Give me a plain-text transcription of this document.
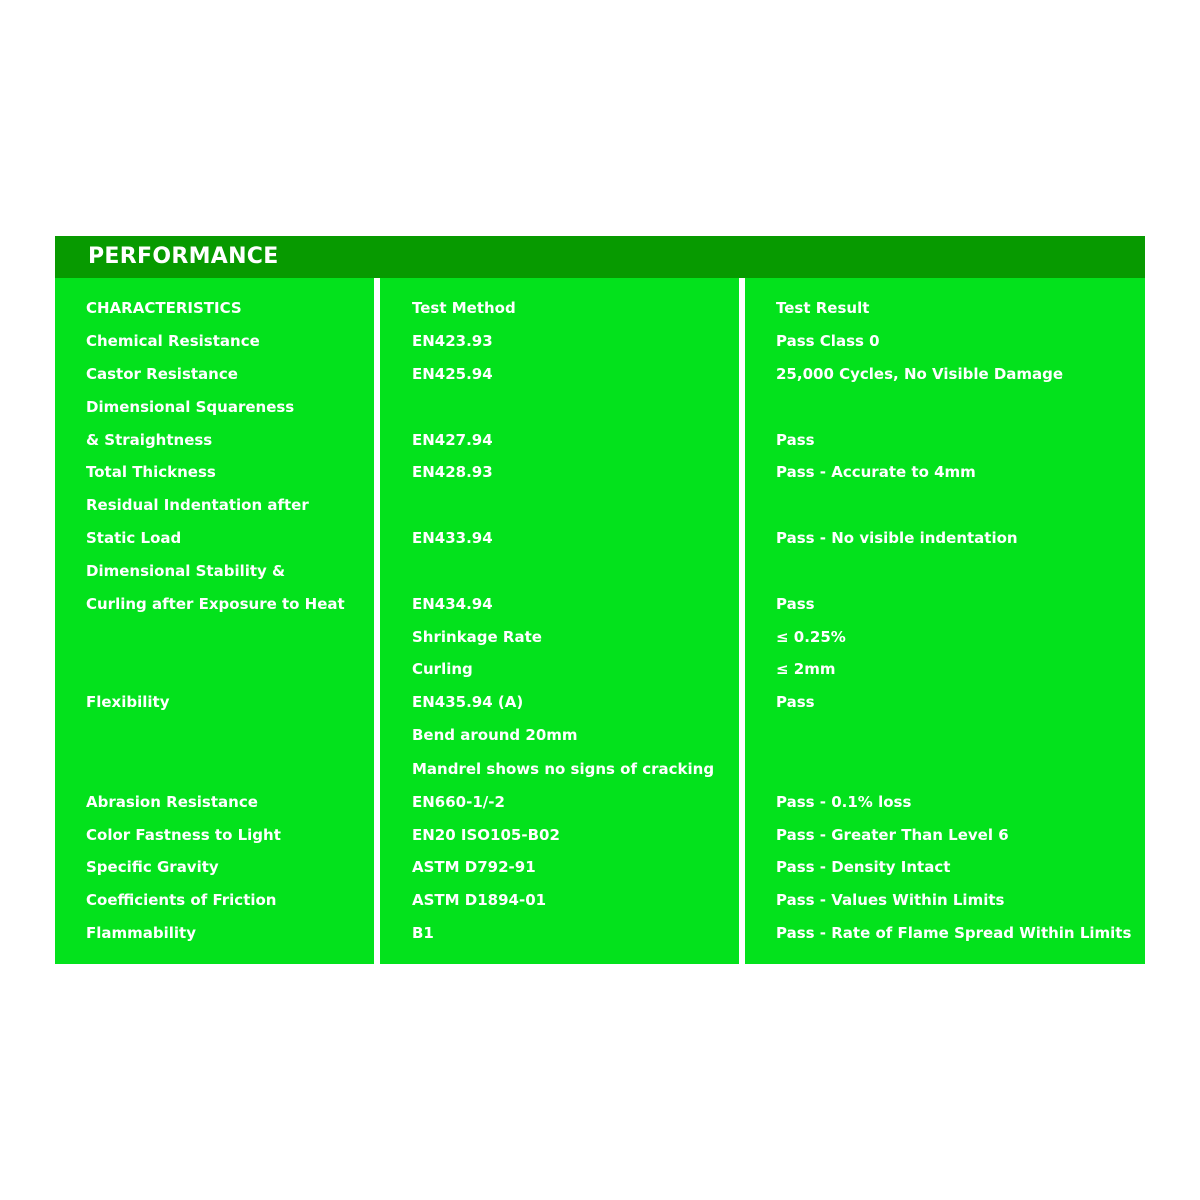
PERFORMANCE
CHARACTERISTICS
Chemical Resistance
Castor Resistance
Dimensional Squareness
& Straightness
Total Thickness
Residual Indentation after
Static Load
Dimensional Stability &
Curling after Exposure to Heat
Flexibility
Abrasion Resistance
Color Fastness to Light
Specific Gravity
Coefficients of Friction
Flammability
Test Method
EN423.93
EN425.94
EN427.94
EN428.93
EN433.94
EN434.94
Shrinkage Rate
Curling
EN435.94 (A)
Bend around 20mm
Mandrel shows no signs of cracking
EN660-1/-2
EN20 ISO105-B02
ASTM D792-91
ASTM D1894-01
B1
Test Result
Pass Class 0
25,000 Cycles, No Visible Damage
Pass
Pass - Accurate to 4mm
Pass - No visible indentation
Pass
≤ 0.25%
≤ 2mm
Pass
Pass - 0.1% loss
Pass - Greater Than Level 6
Pass - Density Intact
Pass - Values Within Limits
Pass - Rate of Flame Spread Within Limits
